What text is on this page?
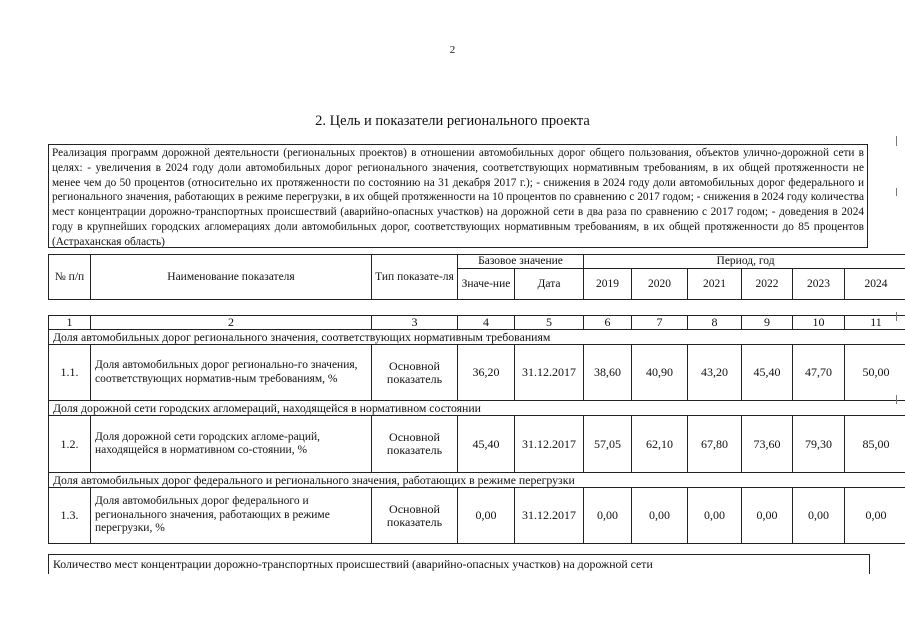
2
2. Цель и показатели регионального проекта
Реализация программ дорожной деятельности (региональных проектов) в отношении автомобильных дорог общего пользования, объектов улично-дорожной сети в целях: - увеличения в 2024 году доли автомобильных дорог регионального значения, соответствующих нормативным требованиям, в их общей протяженности не менее чем до 50 процентов (относительно их протяженности по состоянию на 31 декабря 2017 г.); - снижения в 2024 году доли автомобильных дорог федерального и регионального значения, работающих в режиме перегрузки, в их общей протяженности на 10 процентов по сравнению с 2017 годом; - снижения в 2024 году количества мест концентрации дорожно-транспортных происшествий (аварийно-опасных участков) на дорожной сети в два раза по сравнению с 2017 годом; - доведения в 2024 году в крупнейших городских агломерациях доли автомобильных дорог, соответствующих нормативным требованиям, в их общей протяженности до 85 процентов (Астраханская область)
№ п/п	Наименование показателя	Тип показате-ля	Базовое значение		Период, год					
			Значе-ние	Дата	2019	2020	2021	2022	2023	2024
1	2	3	4	5	6	7	8	9	10	11
Доля автомобильных дорог регионального значения, соответствующих нормативным требованиям										
1.1.	Доля автомобильных дорог регионально-го значения, соответствующих норматив-ным требованиям, %	Основной показатель	36,20	31.12.2017	38,60	40,90	43,20	45,40	47,70	50,00
Доля дорожной сети городских агломераций, находящейся в нормативном состоянии										
1.2.	Доля дорожной сети городских агломе-раций, находящейся в нормативном со-стоянии, %	Основной показатель	45,40	31.12.2017	57,05	62,10	67,80	73,60	79,30	85,00
Доля автомобильных дорог федерального и регионального значения, работающих в режиме перегрузки										
1.3.	Доля автомобильных дорог федерального и регионального значения, работающих в режиме перегрузки, %	Основной показатель	0,00	31.12.2017	0,00	0,00	0,00	0,00	0,00	0,00
Количество мест концентрации дорожно-транспортных происшествий (аварийно-опасных участков) на дорожной сети
